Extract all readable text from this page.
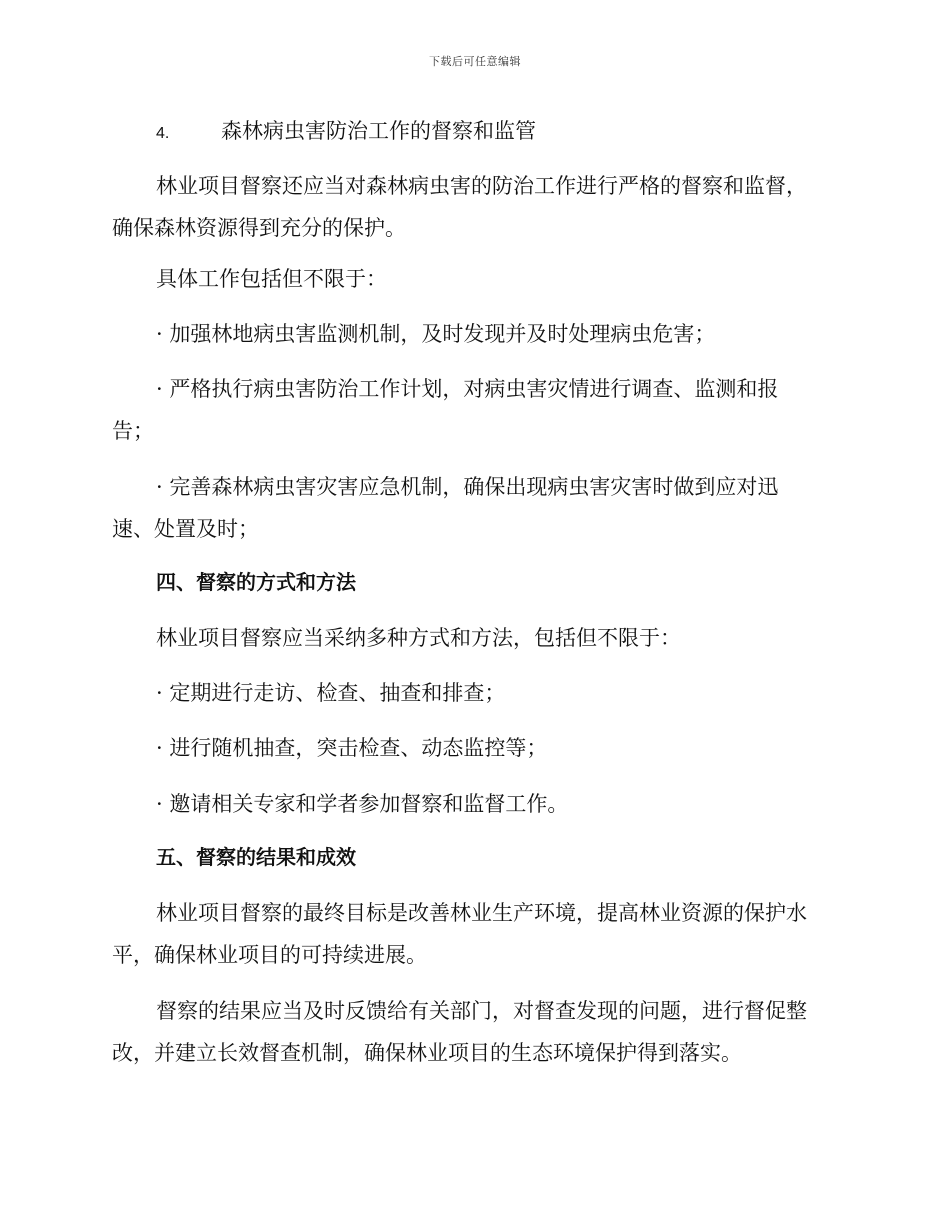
下载后可任意编辑

4. 森林病虫害防治工作的督察和监管

林业项目督察还应当对森林病虫害的防治工作进行严格的督察和监督，

确保森林资源得到充分的保护。

具体工作包括但不限于：

· 加强林地病虫害监测机制，及时发现并及时处理病虫危害；

· 严格执行病虫害防治工作计划，对病虫害灾情进行调查、监测和报

告；

· 完善森林病虫害灾害应急机制，确保出现病虫害灾害时做到应对迅

速、处置及时；

四、督察的方式和方法

林业项目督察应当采纳多种方式和方法，包括但不限于：

· 定期进行走访、检查、抽查和排查；

· 进行随机抽查，突击检查、动态监控等；

· 邀请相关专家和学者参加督察和监督工作。

五、督察的结果和成效

林业项目督察的最终目标是改善林业生产环境，提高林业资源的保护水

平，确保林业项目的可持续进展。

督察的结果应当及时反馈给有关部门，对督查发现的问题，进行督促整

改，并建立长效督查机制，确保林业项目的生态环境保护得到落实。
